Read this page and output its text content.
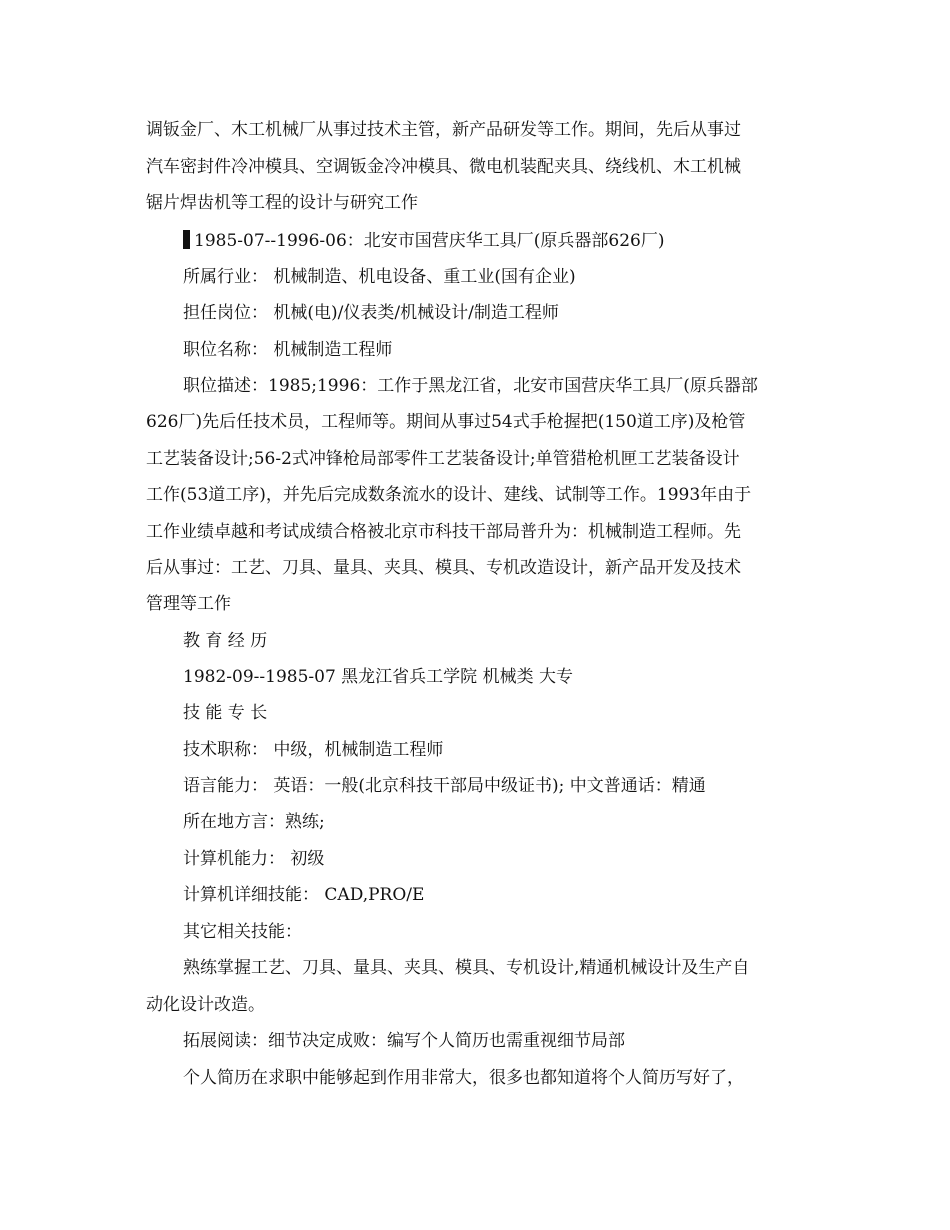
调钣金厂、木工机械厂从事过技术主管，新产品研发等工作。期间，先后从事过
汽车密封件冷冲模具、空调钣金冷冲模具、微电机装配夹具、绕线机、木工机械
锯片焊齿机等工程的设计与研究工作
1985-07--1996-06：北安市国营庆华工具厂(原兵器部626厂)
所属行业： 机械制造、机电设备、重工业(国有企业)
担任岗位： 机械(电)/仪表类/机械设计/制造工程师
职位名称： 机械制造工程师
职位描述：1985;1996：工作于黑龙江省，北安市国营庆华工具厂(原兵器部
626厂)先后任技术员，工程师等。期间从事过54式手枪握把(150道工序)及枪管
工艺装备设计;56-2式冲锋枪局部零件工艺装备设计;单管猎枪机匣工艺装备设计
工作(53道工序)，并先后完成数条流水的设计、建线、试制等工作。1993年由于
工作业绩卓越和考试成绩合格被北京市科技干部局普升为：机械制造工程师。先
后从事过：工艺、刀具、量具、夹具、模具、专机改造设计，新产品开发及技术
管理等工作
教 育 经 历
1982-09--1985-07 黑龙江省兵工学院 机械类 大专
技 能 专 长
技术职称： 中级，机械制造工程师
语言能力： 英语：一般(北京科技干部局中级证书); 中文普通话：精通
所在地方言：熟练;
计算机能力： 初级
计算机详细技能： CAD,PRO/E
其它相关技能：
熟练掌握工艺、刀具、量具、夹具、模具、专机设计,精通机械设计及生产自
动化设计改造。
拓展阅读：细节决定成败：编写个人简历也需重视细节局部
个人简历在求职中能够起到作用非常大，很多也都知道将个人简历写好了，
